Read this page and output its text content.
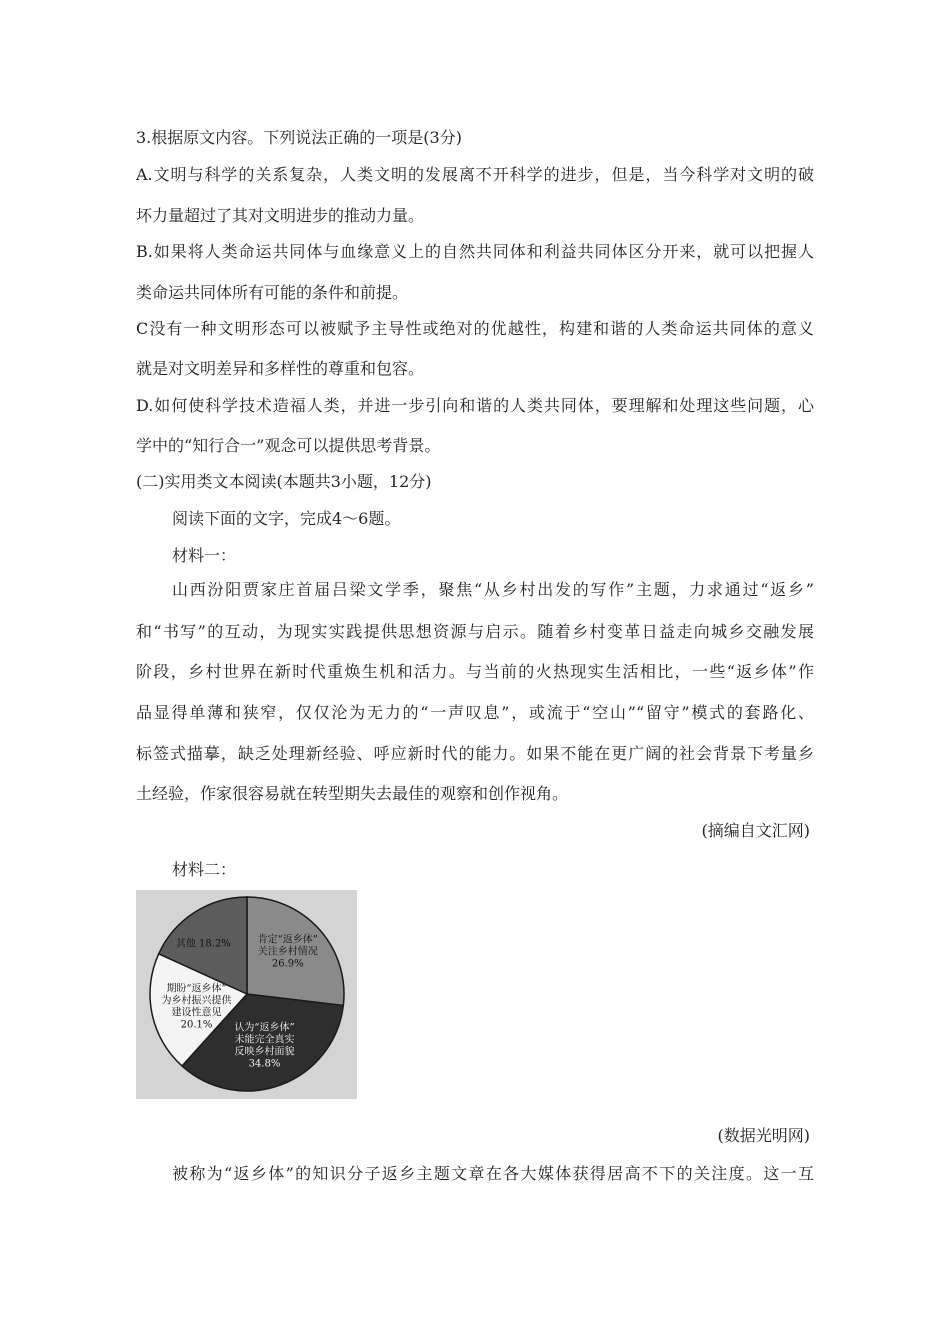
3.根据原文内容。下列说法正确的一项是(3分)
A.文明与科学的关系复杂，人类文明的发展离不开科学的进步，但是，当今科学对文明的破
坏力量超过了其对文明进步的推动力量。
B.如果将人类命运共同体与血缘意义上的自然共同体和利益共同体区分开来，就可以把握人
类命运共同体所有可能的条件和前提。
C没有一种文明形态可以被赋予主导性或绝对的优越性，构建和谐的人类命运共同体的意义
就是对文明差异和多样性的尊重和包容。
D.如何使科学技术造福人类，并进一步引向和谐的人类共同体，要理解和处理这些问题，心
学中的“知行合一”观念可以提供思考背景。
(二)实用类文本阅读(本题共3小题，12分)
阅读下面的文字，完成4～6题。
材料一：
山西汾阳贾家庄首届吕梁文学季，聚焦“从乡村出发的写作”主题，力求通过“返乡”
和“书写”的互动，为现实实践提供思想资源与启示。随着乡村变革日益走向城乡交融发展
阶段，乡村世界在新时代重焕生机和活力。与当前的火热现实生活相比，一些“返乡体”作
品显得单薄和狭窄，仅仅沦为无力的“一声叹息”，或流于“空山”“留守”模式的套路化、
标签式描摹，缺乏处理新经验、呼应新时代的能力。如果不能在更广阔的社会背景下考量乡
土经验，作家很容易就在转型期失去最佳的观察和创作视角。
(摘编自文汇网)
材料二：
肯定“返乡体”
关注乡村情况
26.9%
认为“返乡体”
未能完全真实
反映乡村面貌
34.8%
期盼“返乡体”
为乡村振兴提供
建设性意见
20.1%
其他 18.2%
(数据光明网)
被称为“返乡体”的知识分子返乡主题文章在各大媒体获得居高不下的关注度。这一互
